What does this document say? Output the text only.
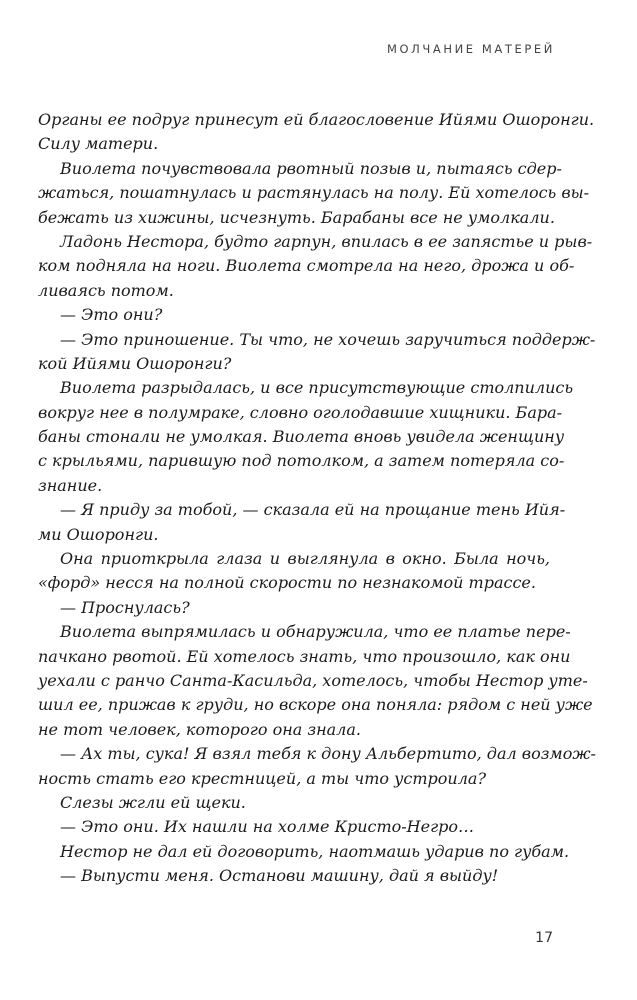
МОЛЧАНИЕ МАТЕРЕЙ
Органы ее подруг принесут ей благословение Ийями Ошоронги.
Силу матери.
Виолета почувствовала рвотный позыв и, пытаясь сдер-
жаться, пошатнулась и растянулась на полу. Ей хотелось вы-
бежать из хижины, исчезнуть. Барабаны все не умолкали.
Ладонь Нестора, будто гарпун, впилась в ее запястье и рыв-
ком подняла на ноги. Виолета смотрела на него, дрожа и об-
ливаясь потом.
— Это они?
— Это приношение. Ты что, не хочешь заручиться поддерж-
кой Ийями Ошоронги?
Виолета разрыдалась, и все присутствующие столпились
вокруг нее в полумраке, словно оголодавшие хищники. Бара-
баны стонали не умолкая. Виолета вновь увидела женщину
с крыльями, парившую под потолком, а затем потеряла со-
знание.
— Я приду за тобой, — сказала ей на прощание тень Ийя-
ми Ошоронги.
Она приоткрыла глаза и выглянула в окно. Была ночь,
«форд» несся на полной скорости по незнакомой трассе.
— Проснулась?
Виолета выпрямилась и обнаружила, что ее платье пере-
пачкано рвотой. Ей хотелось знать, что произошло, как они
уехали с ранчо Санта-Касильда, хотелось, чтобы Нестор уте-
шил ее, прижав к груди, но вскоре она поняла: рядом с ней уже
не тот человек, которого она знала.
— Ах ты, сука! Я взял тебя к дону Альбертито, дал возмож-
ность стать его крестницей, а ты что устроила?
Слезы жгли ей щеки.
— Это они. Их нашли на холме Кристо-Негро…
Нестор не дал ей договорить, наотмашь ударив по губам.
— Выпусти меня. Останови машину, дай я выйду!
17
